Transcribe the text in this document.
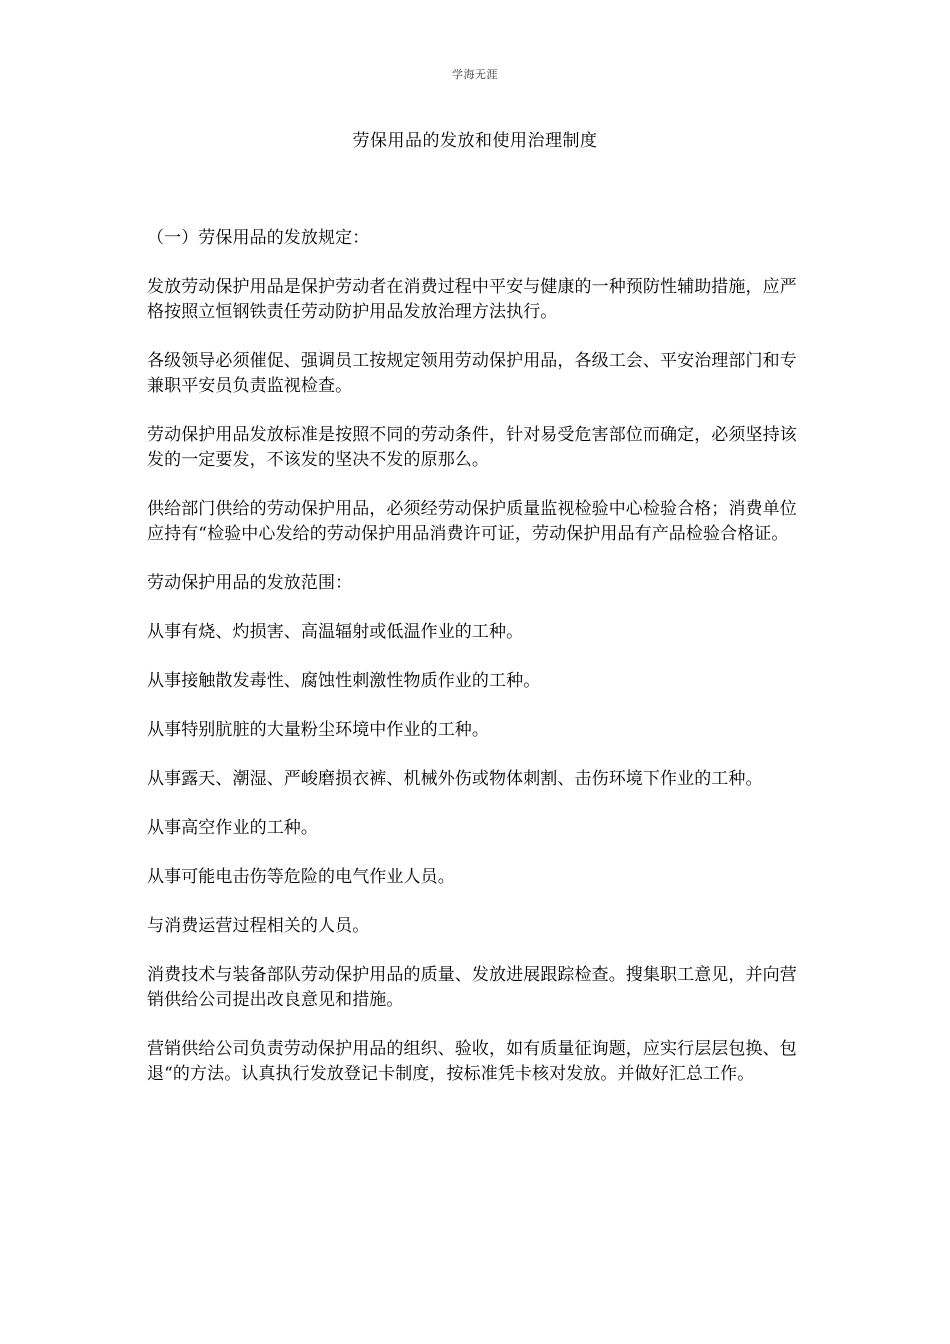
学海无涯
劳保用品的发放和使用治理制度

（一）劳保用品的发放规定：

发放劳动保护用品是保护劳动者在消费过程中平安与健康的一种预防性辅助措施，应严格按照立恒钢铁责任劳动防护用品发放治理方法执行。

各级领导必须催促、强调员工按规定领用劳动保护用品，各级工会、平安治理部门和专兼职平安员负责监视检查。

劳动保护用品发放标准是按照不同的劳动条件，针对易受危害部位而确定，必须坚持该发的一定要发，不该发的坚决不发的原那么。

供给部门供给的劳动保护用品，必须经劳动保护质量监视检验中心检验合格；消费单位应持有“检验中心发给的劳动保护用品消费许可证，劳动保护用品有产品检验合格证。

劳动保护用品的发放范围：

从事有烧、灼损害、高温辐射或低温作业的工种。

从事接触散发毒性、腐蚀性刺激性物质作业的工种。

从事特别肮脏的大量粉尘环境中作业的工种。

从事露天、潮湿、严峻磨损衣裤、机械外伤或物体刺割、击伤环境下作业的工种。

从事高空作业的工种。

从事可能电击伤等危险的电气作业人员。

与消费运营过程相关的人员。

消费技术与装备部队劳动保护用品的质量、发放进展跟踪检查。搜集职工意见，并向营销供给公司提出改良意见和措施。

营销供给公司负责劳动保护用品的组织、验收，如有质量征询题，应实行层层包换、包退“的方法。认真执行发放登记卡制度，按标准凭卡核对发放。并做好汇总工作。
